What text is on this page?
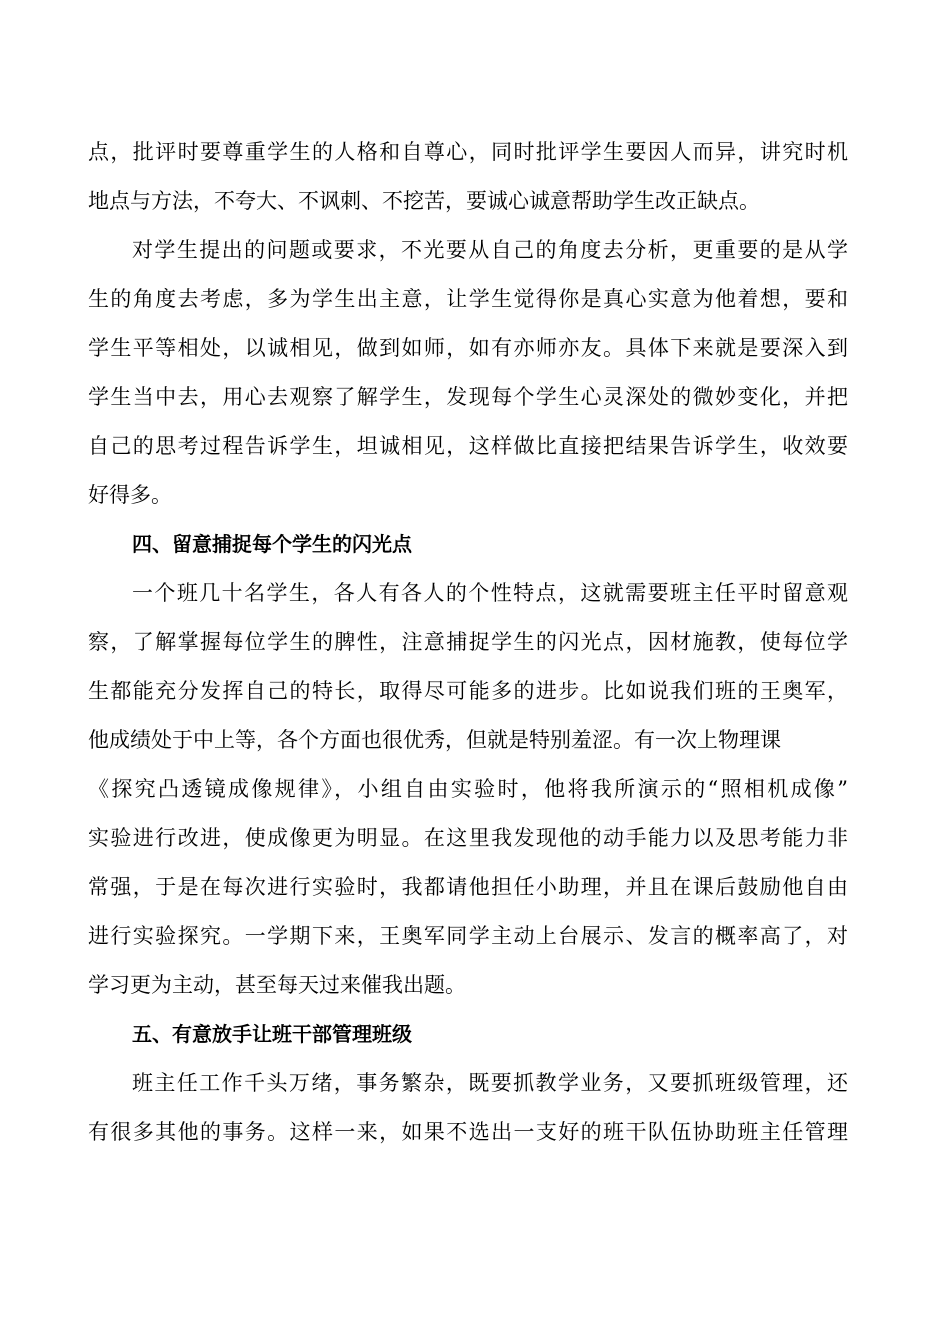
点，批评时要尊重学生的人格和自尊心，同时批评学生要因人而异，讲究时机
地点与方法，不夸大、不讽刺、不挖苦，要诚心诚意帮助学生改正缺点。
对学生提出的问题或要求，不光要从自己的角度去分析，更重要的是从学
生的角度去考虑，多为学生出主意，让学生觉得你是真心实意为他着想，要和
学生平等相处，以诚相见，做到如师，如有亦师亦友。具体下来就是要深入到
学生当中去，用心去观察了解学生，发现每个学生心灵深处的微妙变化，并把
自己的思考过程告诉学生，坦诚相见，这样做比直接把结果告诉学生，收效要
好得多。
四、留意捕捉每个学生的闪光点
一个班几十名学生，各人有各人的个性特点，这就需要班主任平时留意观
察，了解掌握每位学生的脾性，注意捕捉学生的闪光点，因材施教，使每位学
生都能充分发挥自己的特长，取得尽可能多的进步。比如说我们班的王奥军，
他成绩处于中上等，各个方面也很优秀，但就是特别羞涩。有一次上物理课
《探究凸透镜成像规律》，小组自由实验时，他将我所演示的“照相机成像”
实验进行改进，使成像更为明显。在这里我发现他的动手能力以及思考能力非
常强，于是在每次进行实验时，我都请他担任小助理，并且在课后鼓励他自由
进行实验探究。一学期下来，王奥军同学主动上台展示、发言的概率高了，对
学习更为主动，甚至每天过来催我出题。
五、有意放手让班干部管理班级
班主任工作千头万绪，事务繁杂，既要抓教学业务，又要抓班级管理，还
有很多其他的事务。这样一来，如果不选出一支好的班干队伍协助班主任管理
